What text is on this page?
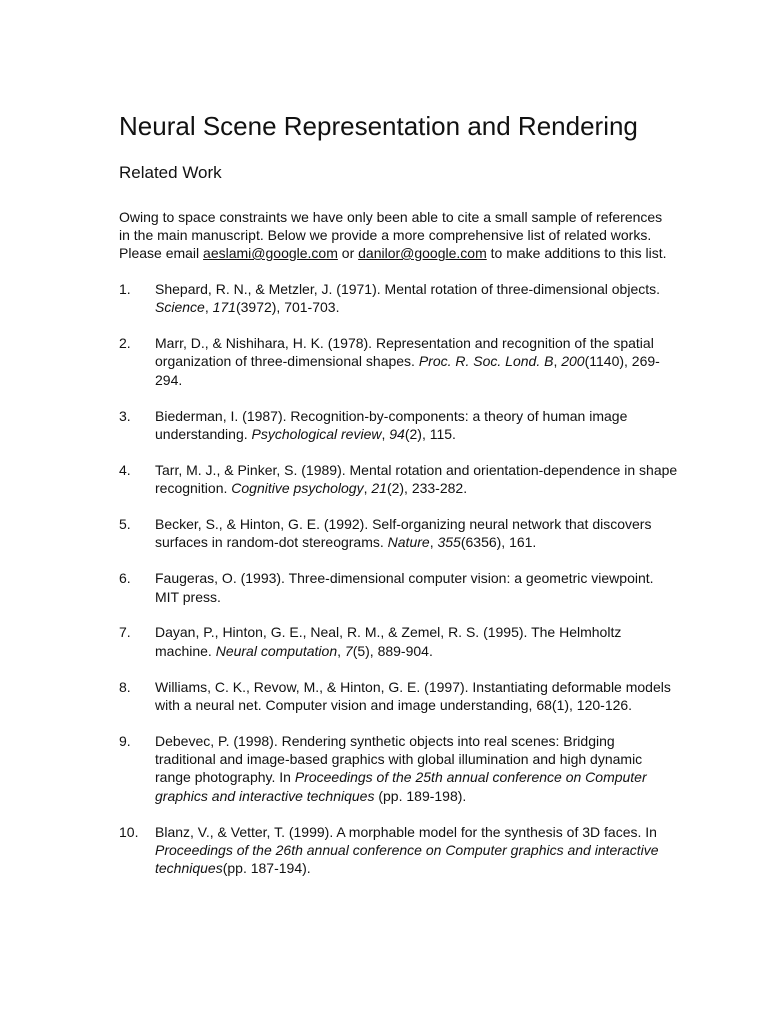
Neural Scene Representation and Rendering
Related Work

Owing to space constraints we have only been able to cite a small sample of references
in the main manuscript. Below we provide a more comprehensive list of related works.
Please email aeslami@google.com or danilor@google.com to make additions to this list.

1.	Shepard, R. N., & Metzler, J. (1971). Mental rotation of three-dimensional objects. Science, 171(3972), 701-703.
2.	Marr, D., & Nishihara, H. K. (1978). Representation and recognition of the spatial organization of three-dimensional shapes. Proc. R. Soc. Lond. B, 200(1140), 269-294.
3.	Biederman, I. (1987). Recognition-by-components: a theory of human image understanding. Psychological review, 94(2), 115.
4.	Tarr, M. J., & Pinker, S. (1989). Mental rotation and orientation-dependence in shape recognition. Cognitive psychology, 21(2), 233-282.
5.	Becker, S., & Hinton, G. E. (1992). Self-organizing neural network that discovers surfaces in random-dot stereograms. Nature, 355(6356), 161.
6.	Faugeras, O. (1993). Three-dimensional computer vision: a geometric viewpoint. MIT press.
7.	Dayan, P., Hinton, G. E., Neal, R. M., & Zemel, R. S. (1995). The Helmholtz machine. Neural computation, 7(5), 889-904.
8.	Williams, C. K., Revow, M., & Hinton, G. E. (1997). Instantiating deformable models with a neural net. Computer vision and image understanding, 68(1), 120-126.
9.	Debevec, P. (1998). Rendering synthetic objects into real scenes: Bridging traditional and image-based graphics with global illumination and high dynamic range photography. In Proceedings of the 25th annual conference on Computer graphics and interactive techniques (pp. 189-198).
10.	Blanz, V., & Vetter, T. (1999). A morphable model for the synthesis of 3D faces. In Proceedings of the 26th annual conference on Computer graphics and interactive techniques(pp. 187-194).
